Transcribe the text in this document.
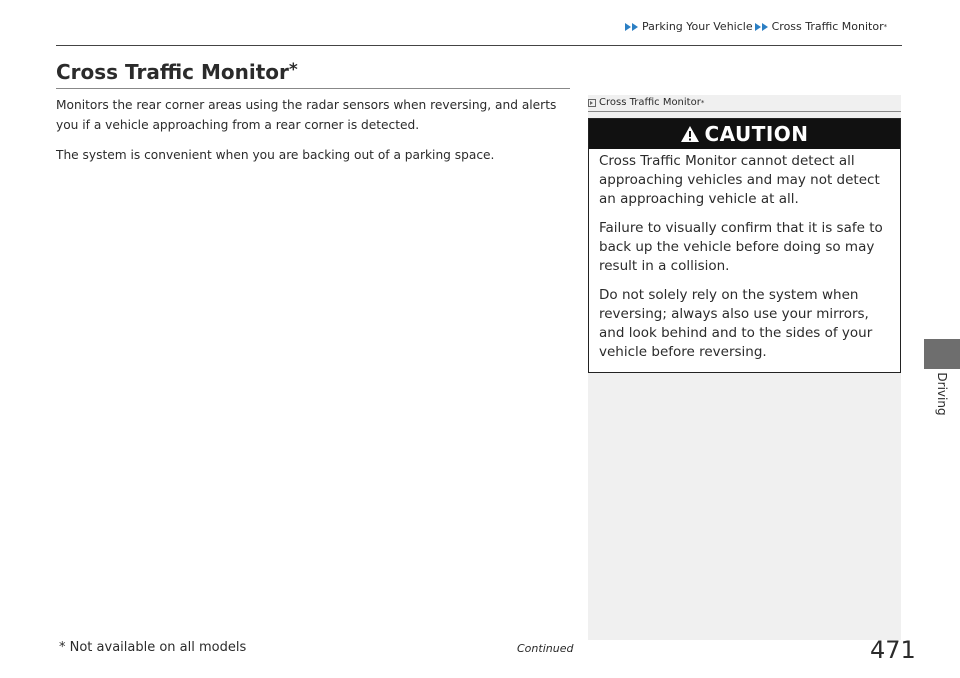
Parking Your Vehicle Cross Traffic Monitor *
Cross Traffic Monitor*

Monitors the rear corner areas using the radar sensors when reversing, and alerts you if a vehicle approaching from a rear corner is detected.

The system is convenient when you are backing out of a parking space.

Cross Traffic Monitor *
CAUTION

Cross Traffic Monitor cannot detect all approaching vehicles and may not detect an approaching vehicle at all.

Failure to visually confirm that it is safe to back up the vehicle before doing so may result in a collision.

Do not solely rely on the system when reversing; always also use your mirrors, and look behind and to the sides of your vehicle before reversing.

Driving
* Not available on all models	Continued	471
